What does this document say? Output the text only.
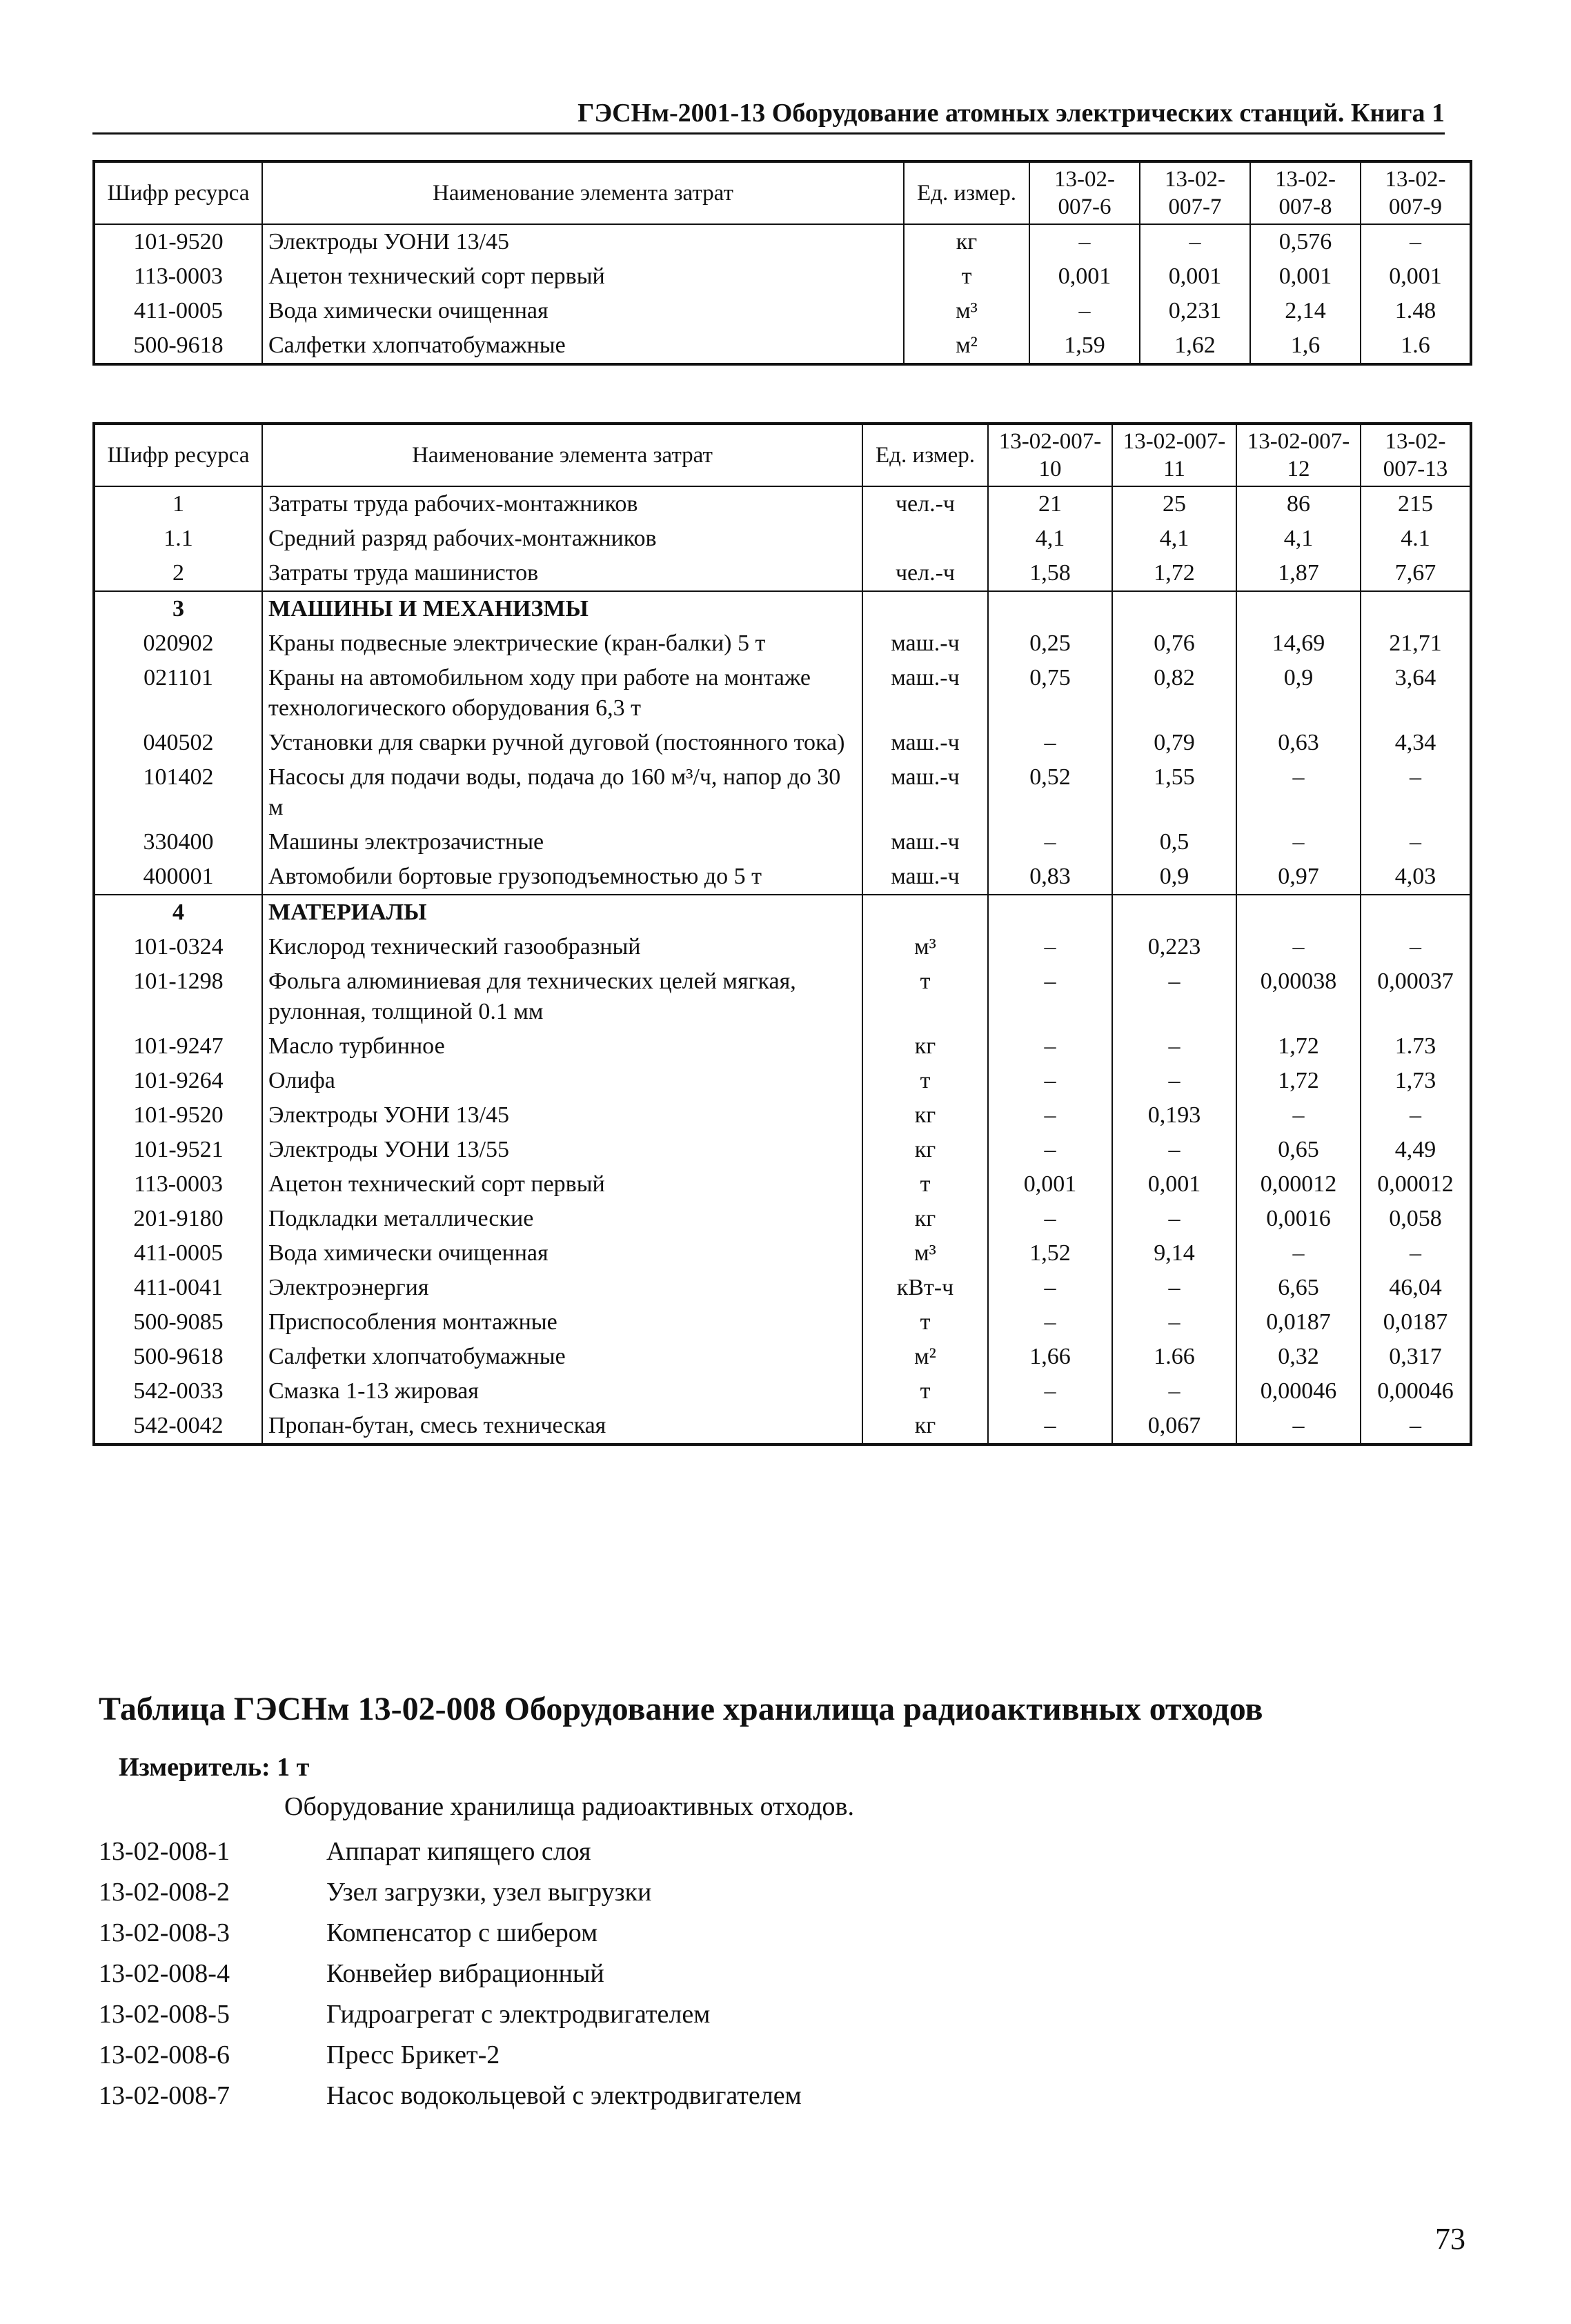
ГЭСНм-2001-13 Оборудование атомных электрических станций. Книга 1
Шифр ресурса	Наименование элемента затрат	Ед. измер.	13-02-007-6	13-02-007-7	13-02-007-8	13-02-007-9
101-9520	Электроды УОНИ 13/45	кг	–	–	0,576	–
113-0003	Ацетон технический сорт первый	т	0,001	0,001	0,001	0,001
411-0005	Вода химически очищенная	м³	–	0,231	2,14	1.48
500-9618	Салфетки хлопчатобумажные	м²	1,59	1,62	1,6	1.6
Шифр ресурса	Наименование элемента затрат	Ед. измер.	13-02-007-10	13-02-007-11	13-02-007-12	13-02-007-13
1	Затраты труда рабочих-монтажников	чел.-ч	21	25	86	215
1.1	Средний разряд рабочих-монтажников		4,1	4,1	4,1	4.1
2	Затраты труда машинистов	чел.-ч	1,58	1,72	1,87	7,67
3	МАШИНЫ И МЕХАНИЗМЫ					
020902	Краны подвесные электрические (кран-балки) 5 т	маш.-ч	0,25	0,76	14,69	21,71
021101	Краны на автомобильном ходу при работе на монтаже технологического оборудования 6,3 т	маш.-ч	0,75	0,82	0,9	3,64
040502	Установки для сварки ручной дуговой (постоянного тока)	маш.-ч	–	0,79	0,63	4,34
101402	Насосы для подачи воды, подача до 160 м³/ч, напор до 30 м	маш.-ч	0,52	1,55	–	–
330400	Машины электрозачистные	маш.-ч	–	0,5	–	–
400001	Автомобили бортовые грузоподъемностью до 5 т	маш.-ч	0,83	0,9	0,97	4,03
4	МАТЕРИАЛЫ					
101-0324	Кислород технический газообразный	м³	–	0,223	–	–
101-1298	Фольга алюминиевая для технических целей мягкая, рулонная, толщиной 0.1 мм	т	–	–	0,00038	0,00037
101-9247	Масло турбинное	кг	–	–	1,72	1.73
101-9264	Олифа	т	–	–	1,72	1,73
101-9520	Электроды УОНИ 13/45	кг	–	0,193	–	–
101-9521	Электроды УОНИ 13/55	кг	–	–	0,65	4,49
113-0003	Ацетон технический сорт первый	т	0,001	0,001	0,00012	0,00012
201-9180	Подкладки металлические	кг	–	–	0,0016	0,058
411-0005	Вода химически очищенная	м³	1,52	9,14	–	–
411-0041	Электроэнергия	кВт-ч	–	–	6,65	46,04
500-9085	Приспособления монтажные	т	–	–	0,0187	0,0187
500-9618	Салфетки хлопчатобумажные	м²	1,66	1.66	0,32	0,317
542-0033	Смазка 1-13 жировая	т	–	–	0,00046	0,00046
542-0042	Пропан-бутан, смесь техническая	кг	–	0,067	–	–
Таблица ГЭСНм 13-02-008 Оборудование хранилища радиоактивных отходов
Измеритель: 1 т
Оборудование хранилища радиоактивных отходов.
13-02-008-1	Аппарат кипящего слоя
13-02-008-2	Узел загрузки, узел выгрузки
13-02-008-3	Компенсатор с шибером
13-02-008-4	Конвейер вибрационный
13-02-008-5	Гидроагрегат с электродвигателем
13-02-008-6	Пресс Брикет-2
13-02-008-7	Насос водокольцевой с электродвигателем
73
